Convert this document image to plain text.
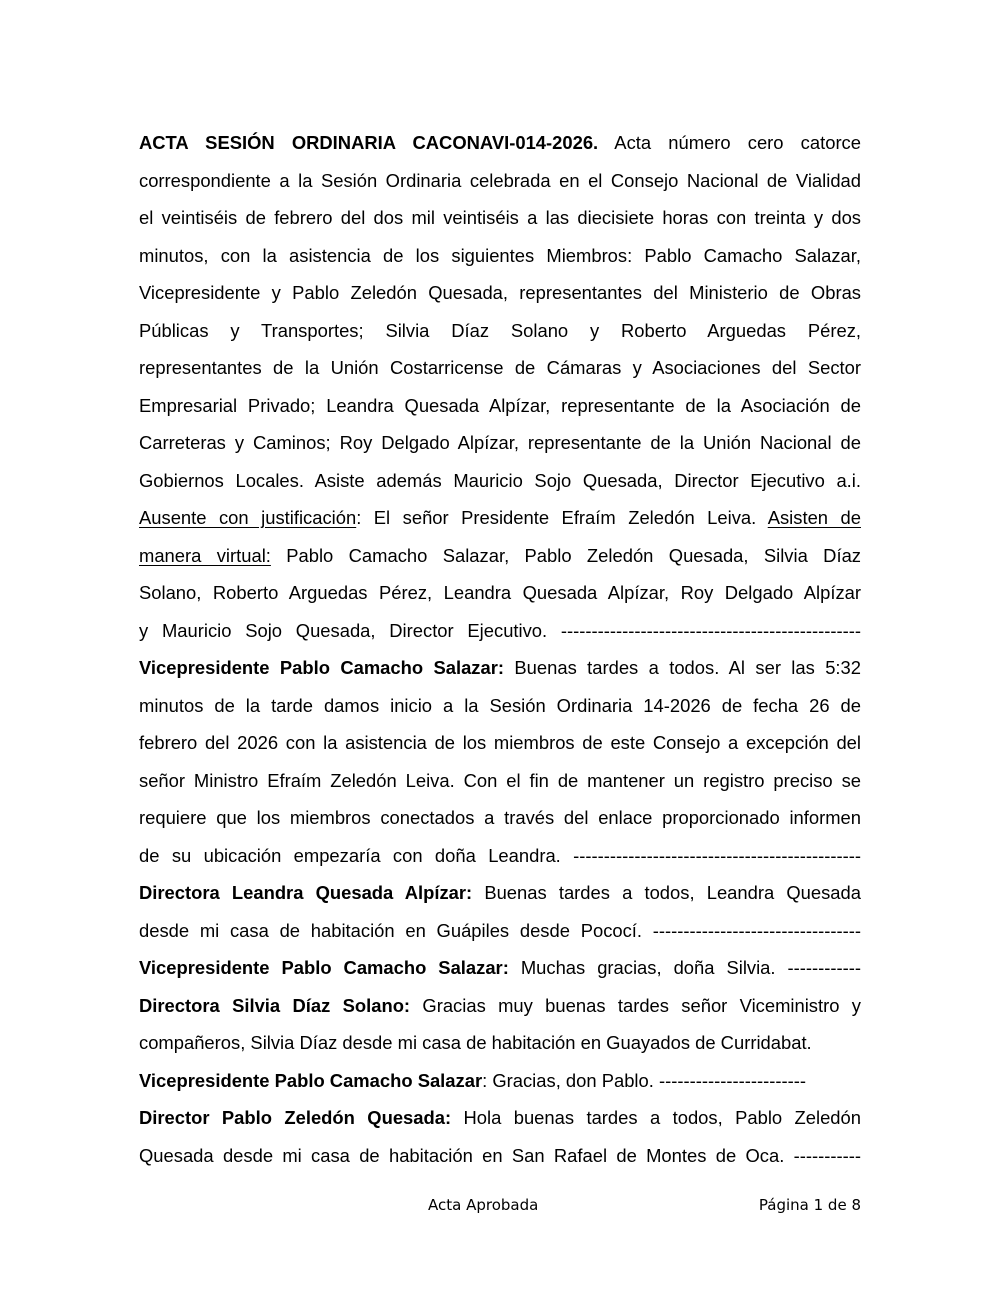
ACTA SESIÓN ORDINARIA CACONAVI-014-2026. Acta número cero catorce
correspondiente a la Sesión Ordinaria celebrada en el Consejo Nacional de Vialidad
el veintiséis de febrero del dos mil veintiséis a las diecisiete horas con treinta y dos
minutos, con la asistencia de los siguientes Miembros: Pablo Camacho Salazar,
Vicepresidente y Pablo Zeledón Quesada, representantes del Ministerio de Obras
Públicas y Transportes; Silvia Díaz Solano y Roberto Arguedas Pérez,
representantes de la Unión Costarricense de Cámaras y Asociaciones del Sector
Empresarial Privado; Leandra Quesada Alpízar, representante de la Asociación de
Carreteras y Caminos; Roy Delgado Alpízar, representante de la Unión Nacional de
Gobiernos Locales. Asiste además Mauricio Sojo Quesada, Director Ejecutivo a.i.
Ausente con justificación: El señor Presidente Efraím Zeledón Leiva. Asisten de
manera virtual: Pablo Camacho Salazar, Pablo Zeledón Quesada, Silvia Díaz
Solano, Roberto Arguedas Pérez, Leandra Quesada Alpízar, Roy Delgado Alpízar
y Mauricio Sojo Quesada, Director Ejecutivo. -------------------------------------------------
Vicepresidente Pablo Camacho Salazar: Buenas tardes a todos. Al ser las 5:32
minutos de la tarde damos inicio a la Sesión Ordinaria 14-2026 de fecha 26 de
febrero del 2026 con la asistencia de los miembros de este Consejo a excepción del
señor Ministro Efraím Zeledón Leiva. Con el fin de mantener un registro preciso se
requiere que los miembros conectados a través del enlace proporcionado informen
de su ubicación empezaría con doña Leandra. -----------------------------------------------
Directora Leandra Quesada Alpízar: Buenas tardes a todos, Leandra Quesada
desde mi casa de habitación en Guápiles desde Pococí. ----------------------------------
Vicepresidente Pablo Camacho Salazar: Muchas gracias, doña Silvia. ------------
Directora Silvia Díaz Solano: Gracias muy buenas tardes señor Viceministro y
compañeros, Silvia Díaz desde mi casa de habitación en Guayados de Curridabat.
Vicepresidente Pablo Camacho Salazar: Gracias, don Pablo. ------------------------
Director Pablo Zeledón Quesada: Hola buenas tardes a todos, Pablo Zeledón
Quesada desde mi casa de habitación en San Rafael de Montes de Oca. -----------
Acta Aprobada	Página 1 de 8
